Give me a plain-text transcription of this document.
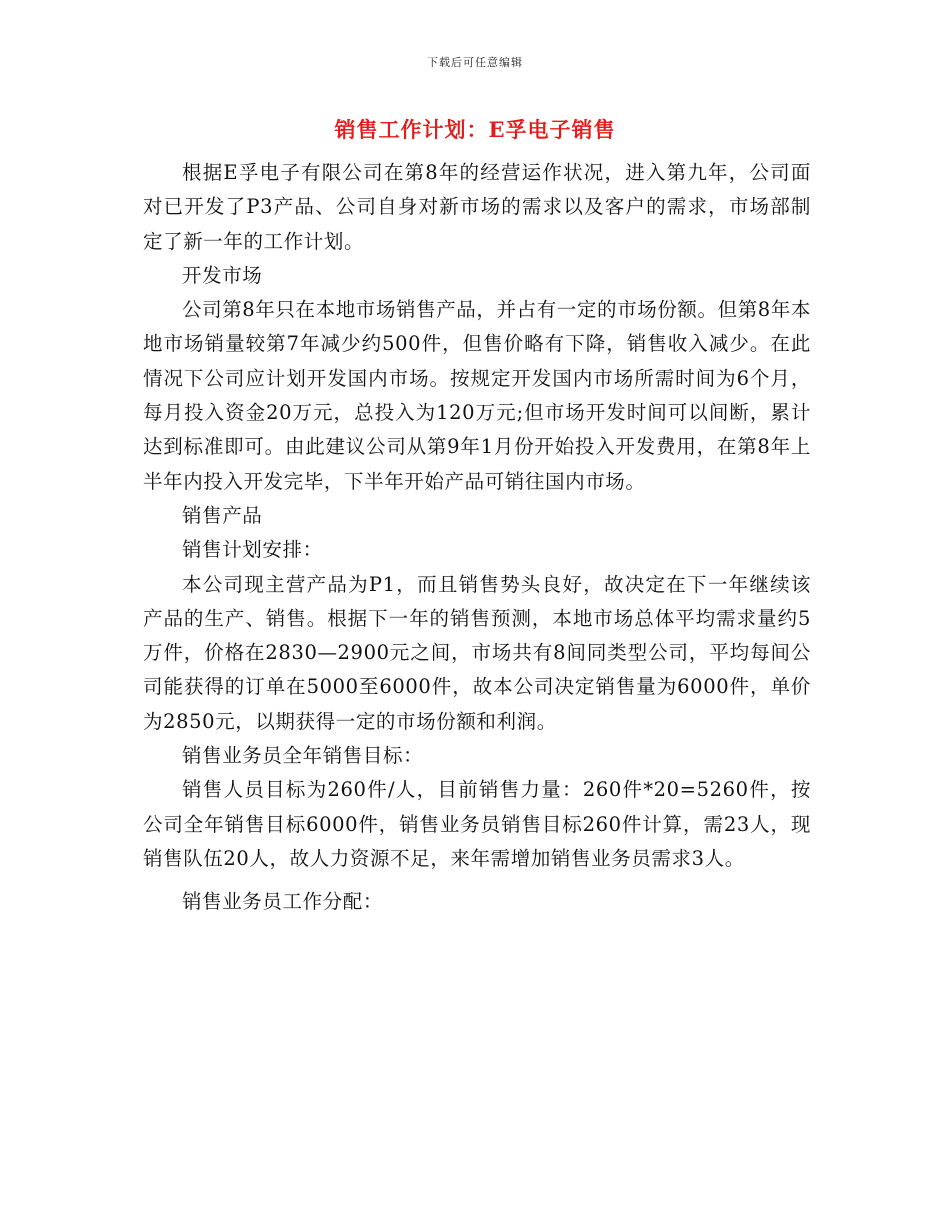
下载后可任意编辑
销售工作计划：E孚电子销售

根据E孚电子有限公司在第8年的经营运作状况，进入第九年，公司面对已开发了P3产品、公司自身对新市场的需求以及客户的需求，市场部制定了新一年的工作计划。

开发市场

公司第8年只在本地市场销售产品，并占有一定的市场份额。但第8年本地市场销量较第7年减少约500件，但售价略有下降，销售收入减少。在此情况下公司应计划开发国内市场。按规定开发国内市场所需时间为6个月，每月投入资金20万元，总投入为120万元;但市场开发时间可以间断，累计达到标准即可。由此建议公司从第9年1月份开始投入开发费用，在第8年上半年内投入开发完毕，下半年开始产品可销往国内市场。

销售产品

销售计划安排：

本公司现主营产品为P1，而且销售势头良好，故决定在下一年继续该产品的生产、销售。根据下一年的销售预测，本地市场总体平均需求量约5万件，价格在2830—2900元之间，市场共有8间同类型公司，平均每间公司能获得的订单在5000至6000件，故本公司决定销售量为6000件，单价为2850元，以期获得一定的市场份额和利润。

销售业务员全年销售目标：

销售人员目标为260件/人，目前销售力量：260件*20=5260件，按公司全年销售目标6000件，销售业务员销售目标260件计算，需23人，现销售队伍20人，故人力资源不足，来年需增加销售业务员需求3人。

销售业务员工作分配：
